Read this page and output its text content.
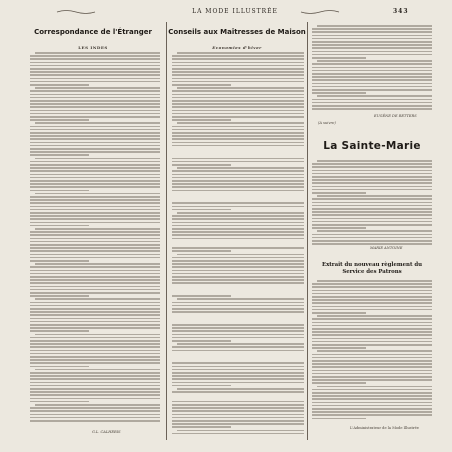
LA MODE ILLUSTRÉE	343
Correspondance de l'Étranger
LES INDES
G.L. CALHERIS
Conseils aux Maîtresses de Maison
Economies d'hiver
EUGÈNE DE RETTERS
(A suivre)
La Sainte-Marie
MARIE ANTOINE
Extrait du nouveau règlement du Service des Patrons
L'Administrateur de la Mode Illustrée
